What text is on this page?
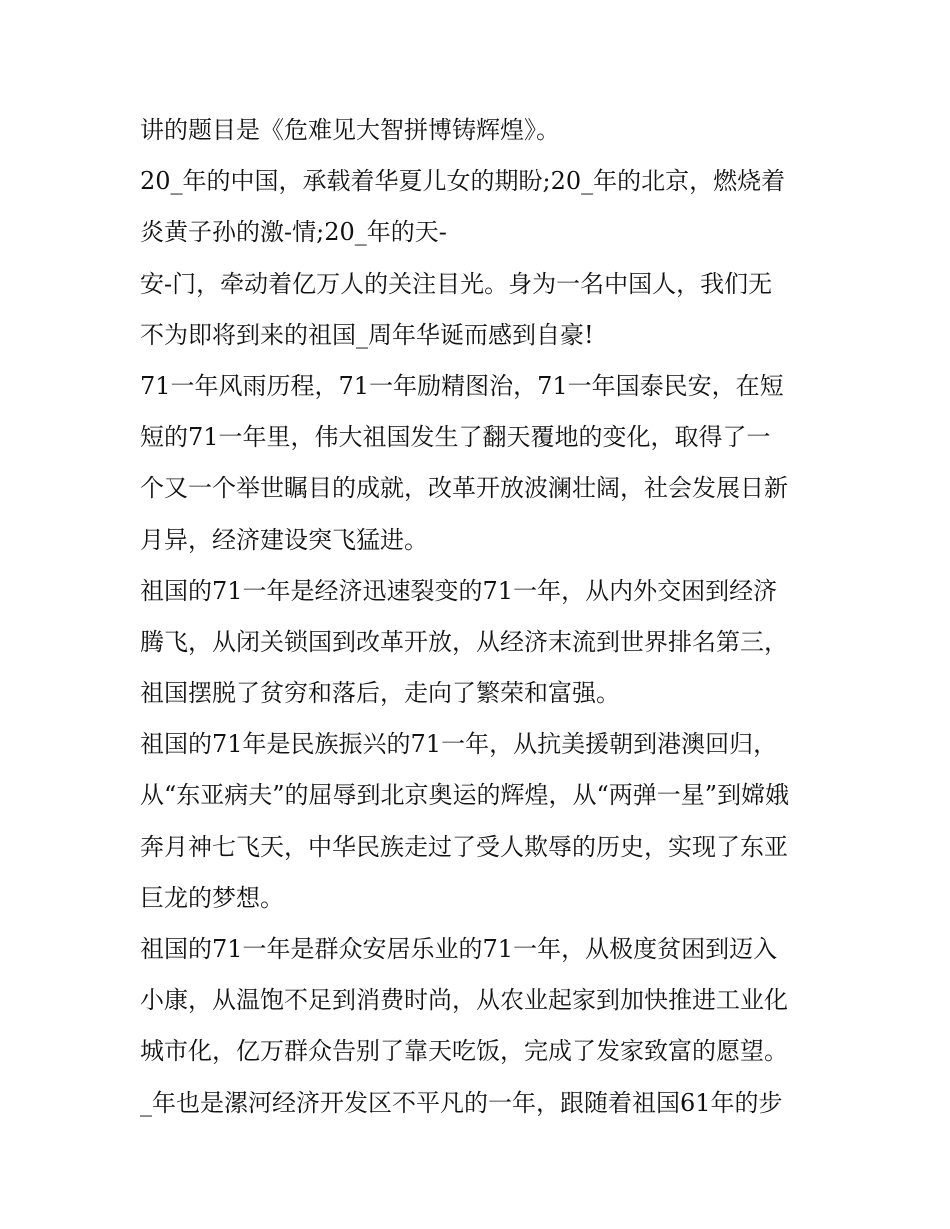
讲的题目是《危难见大智拼博铸辉煌》。
20_年的中国，承载着华夏儿女的期盼;20_年的北京，燃烧着
炎黄子孙的激-情;20_年的天-
安-门，牵动着亿万人的关注目光。身为一名中国人，我们无
不为即将到来的祖国_周年华诞而感到自豪!
71一年风雨历程，71一年励精图治，71一年国泰民安，在短
短的71一年里，伟大祖国发生了翻天覆地的变化，取得了一
个又一个举世瞩目的成就，改革开放波澜壮阔，社会发展日新
月异，经济建设突飞猛进。
祖国的71一年是经济迅速裂变的71一年，从内外交困到经济
腾飞，从闭关锁国到改革开放，从经济末流到世界排名第三，
祖国摆脱了贫穷和落后，走向了繁荣和富强。
祖国的71年是民族振兴的71一年，从抗美援朝到港澳回归，
从“东亚病夫”的屈辱到北京奥运的辉煌，从“两弹一星”到嫦娥
奔月神七飞天，中华民族走过了受人欺辱的历史，实现了东亚
巨龙的梦想。
祖国的71一年是群众安居乐业的71一年，从极度贫困到迈入
小康，从温饱不足到消费时尚，从农业起家到加快推进工业化
城市化，亿万群众告别了靠天吃饭，完成了发家致富的愿望。
_年也是漯河经济开发区不平凡的一年，跟随着祖国61年的步
